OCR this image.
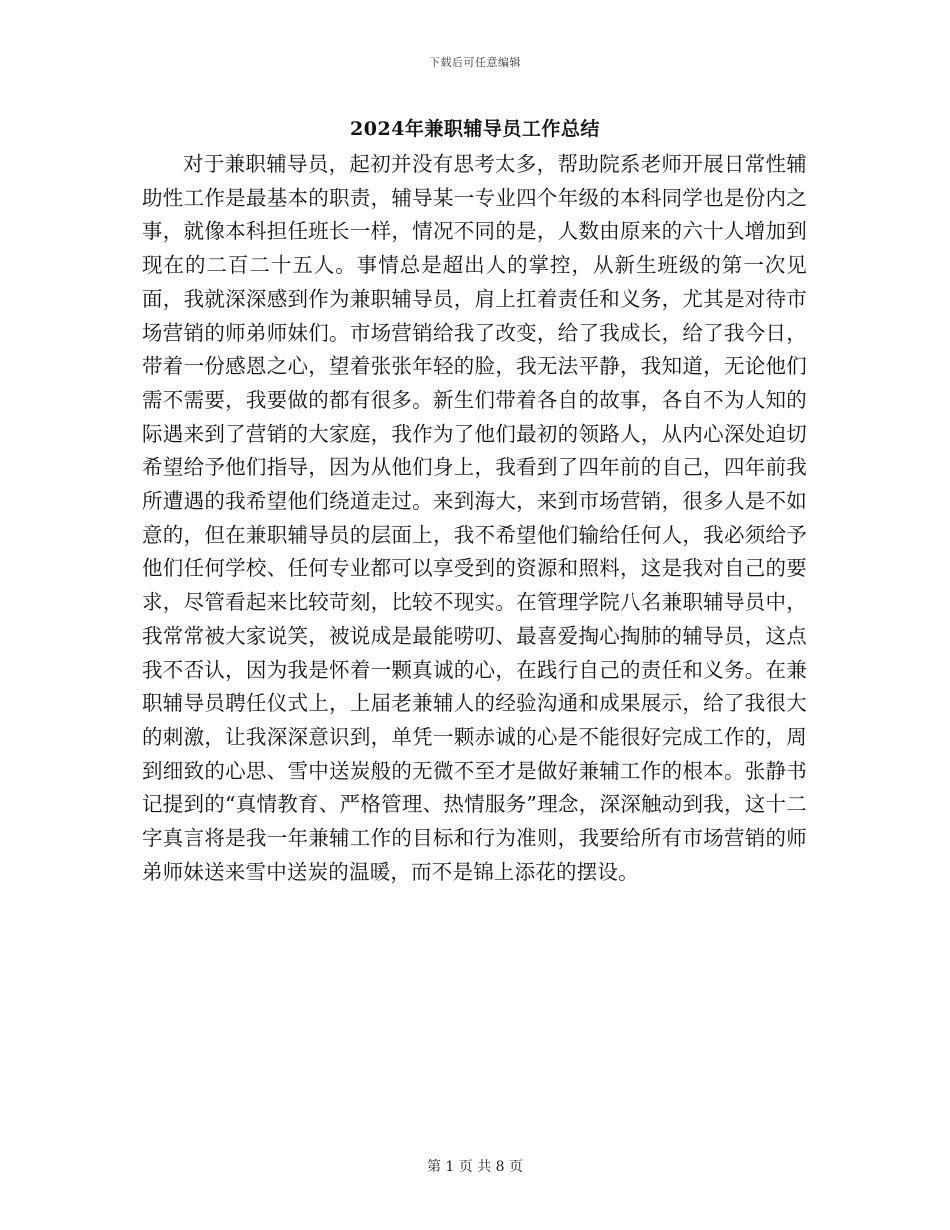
下载后可任意编辑
2024年兼职辅导员工作总结

对于兼职辅导员，起初并没有思考太多，帮助院系老师开展日常性辅助性工作是最基本的职责，辅导某一专业四个年级的本科同学也是份内之事，就像本科担任班长一样，情况不同的是，人数由原来的六十人增加到现在的二百二十五人。事情总是超出人的掌控，从新生班级的第一次见面，我就深深感到作为兼职辅导员，肩上扛着责任和义务，尤其是对待市场营销的师弟师妹们。市场营销给我了改变，给了我成长，给了我今日，带着一份感恩之心，望着张张年轻的脸，我无法平静，我知道，无论他们需不需要，我要做的都有很多。新生们带着各自的故事，各自不为人知的际遇来到了营销的大家庭，我作为了他们最初的领路人，从内心深处迫切希望给予他们指导，因为从他们身上，我看到了四年前的自己，四年前我所遭遇的我希望他们绕道走过。来到海大，来到市场营销，很多人是不如意的，但在兼职辅导员的层面上，我不希望他们输给任何人，我必须给予他们任何学校、任何专业都可以享受到的资源和照料，这是我对自己的要求，尽管看起来比较苛刻，比较不现实。在管理学院八名兼职辅导员中，我常常被大家说笑，被说成是最能唠叨、最喜爱掏心掏肺的辅导员，这点我不否认，因为我是怀着一颗真诚的心，在践行自己的责任和义务。在兼职辅导员聘任仪式上，上届老兼辅人的经验沟通和成果展示，给了我很大的刺激，让我深深意识到，单凭一颗赤诚的心是不能很好完成工作的，周到细致的心思、雪中送炭般的无微不至才是做好兼辅工作的根本。张静书记提到的“真情教育、严格管理、热情服务”理念，深深触动到我，这十二字真言将是我一年兼辅工作的目标和行为准则，我要给所有市场营销的师弟师妹送来雪中送炭的温暖，而不是锦上添花的摆设。

第 1 页 共 8 页
